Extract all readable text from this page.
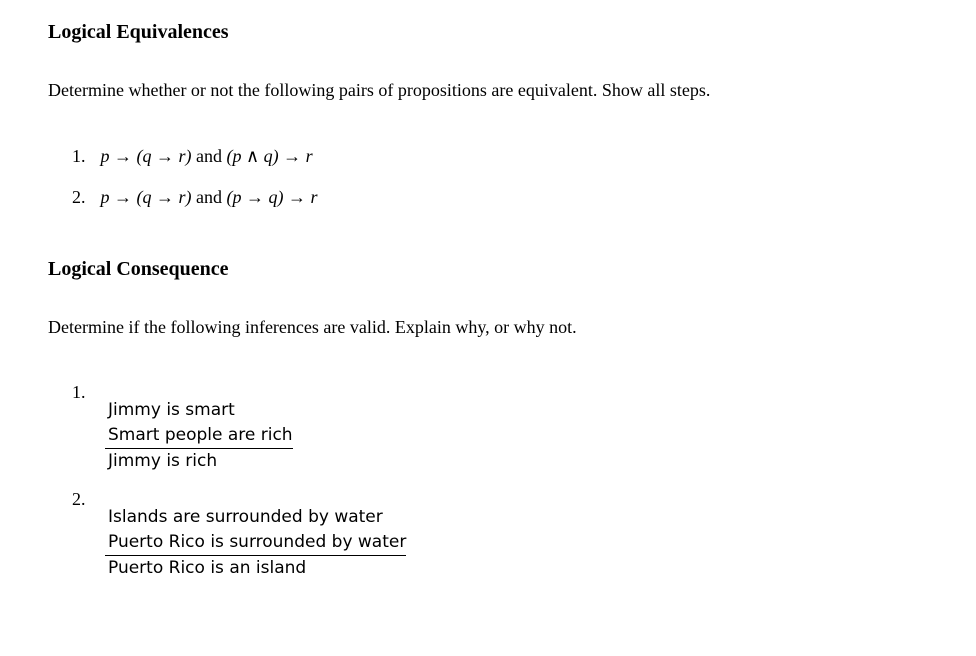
Logical Equivalences

Determine whether or not the following pairs of propositions are equivalent. Show all steps.

1. p → (q → r) and (p ∧ q) → r
2. p → (q → r) and (p → q) → r
Logical Consequence

Determine if the following inferences are valid. Explain why, or why not.

1.
Jimmy is smart
Smart people are rich
Jimmy is rich
2.
Islands are surrounded by water
Puerto Rico is surrounded by water
Puerto Rico is an island
